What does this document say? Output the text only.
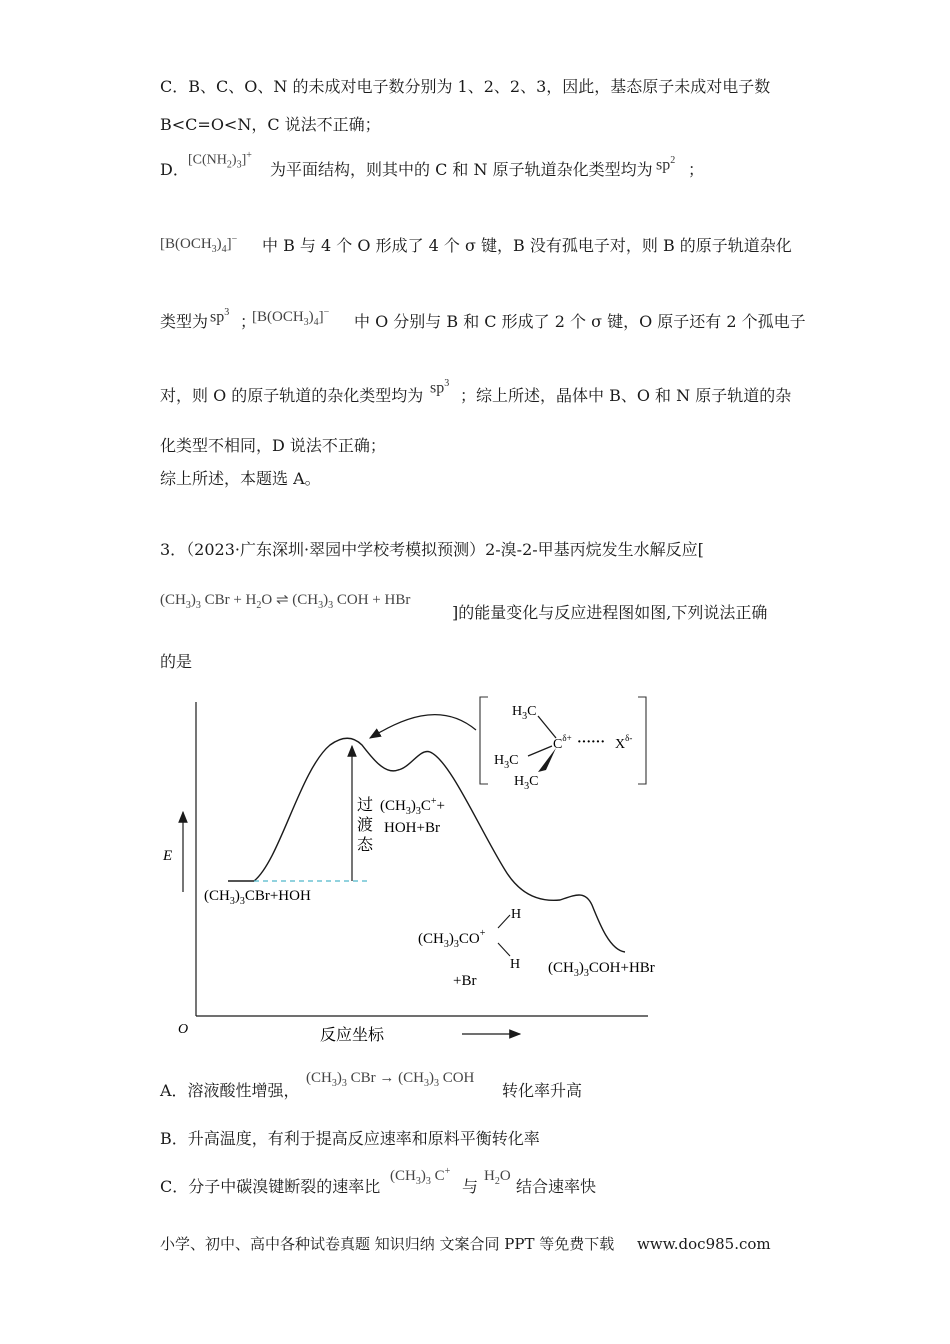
C．B、C、O、N 的未成对电子数分别为 1、2、2、3，因此，基态原子未成对电子数
B<C=O<N，C 说法不正确；
D． $[C(NH_2)_3]^+$
为平面结构，则其中的 C 和 N 原子轨道杂化类型均为 $sp^2$ ；
$[B(OCH_3)_4]^-$ 中 B 与 4 个 O 形成了 4 个 σ 键，B 没有孤电子对，则 B 的原子轨道杂化
类型为 $sp^3$ ；
$[B(OCH_3)_4]^-$ 中 O 分别与 B 和 C 形成了 2 个 σ 键，O 原子还有 2 个孤电子
对，则 O 的原子轨道的杂化类型均为 $sp^3$
；综上所述，晶体中 B、O 和 N 原子轨道的杂
化类型不相同，D 说法不正确；
综上所述，本题选 A。
3．（2023·广东深圳·翠园中学校考模拟预测）2-溴-2-甲基丙烷发生水解反应[
$(CH_3)_3$ CBr + $H_2O$ ⇌ $(CH_3)_3$ COH + HBr
]的能量变化与反应进程图如图,下列说法正确
的是
E
O	反应坐标
$H_3C$
$H_3C$
$H_3C$
$C^{\delta+}$ ······ $X^{\delta-}$
过
渡
态
$(CH_3)_3C^++$
HOH+Br
$(CH_3)_3CBr+HOH$
$(CH_3)_3CO^+$
H
H
+Br
$(CH_3)_3COH+HBr$
A．溶液酸性增强，
$(CH_3)_3$ CBr → $(CH_3)_3$ COH
转化率升高
B．升高温度，有利于提高反应速率和原料平衡转化率
C．分子中碳溴键断裂的速率比
$(CH_3)_3$ C+
与
$H_2O$
结合速率快
小学、初中、高中各种试卷真题 知识归纳 文案合同 PPT 等免费下载 www.doc985.com
